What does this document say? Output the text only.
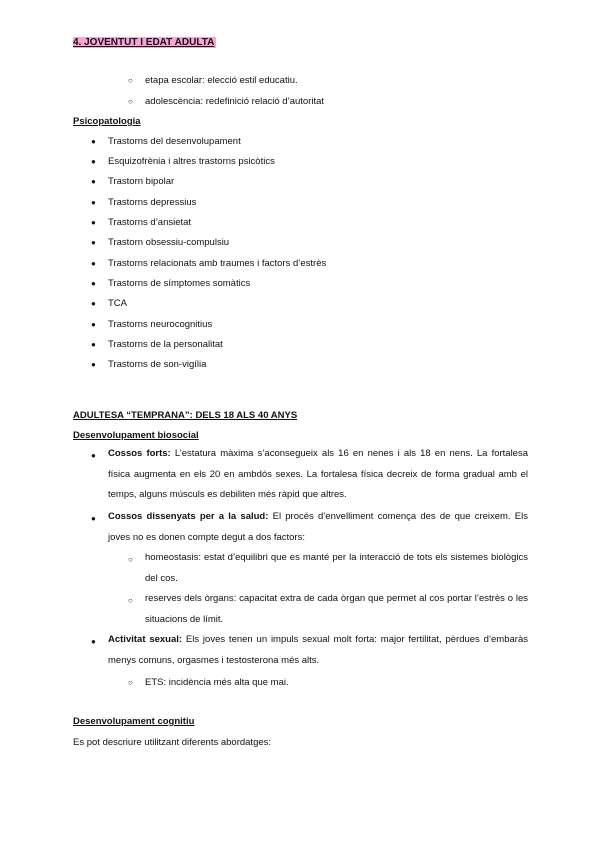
4. JOVENTUT I EDAT ADULTA
○ etapa escolar: elecció estil educatiu.
○ adolescència: redefinició relació d’autoritat
Psicopatologia
● Trastorns del desenvolupament
● Esquizofrènia i altres trastorns psicòtics
● Trastorn bipolar
● Trastorns depressius
● Trastorns d’ansietat
● Trastorn obsessiu-compulsiu
● Trastorns relacionats amb traumes i factors d’estrès
● Trastorns de símptomes somàtics
● TCA
● Trastorns neurocognitius
● Trastorns de la personalitat
● Trastorns de son-vigília
ADULTESA “TEMPRANA”: DELS 18 ALS 40 ANYS
Desenvolupament biosocial
● Cossos forts: L’estatura màxima s’aconsegueix als 16 en nenes i als 18 en nens. La fortalesa física augmenta en els 20 en ambdós sexes. La fortalesa física decreix de forma gradual amb el temps, alguns músculs es debiliten més ràpid que altres.
● Cossos dissenyats per a la salud: El procés d’envelliment comença des de que creixem. Els joves no es donen compte degut a dos factors:
○ homeostasis: estat d’equilibri que es manté per la interacció de tots els sistemes biològics del cos.
○ reserves dels òrgans: capacitat extra de cada òrgan que permet al cos portar l’estrès o les situacions de límit.
● Activitat sexual: Els joves tenen un impuls sexual molt forta: major fertilitat, pèrdues d’embaràs menys comuns, orgasmes i testosterona més alts.
○ ETS: incidència més alta que mai.
Desenvolupament cognitiu
Es pot descriure utilitzant diferents abordatges:
